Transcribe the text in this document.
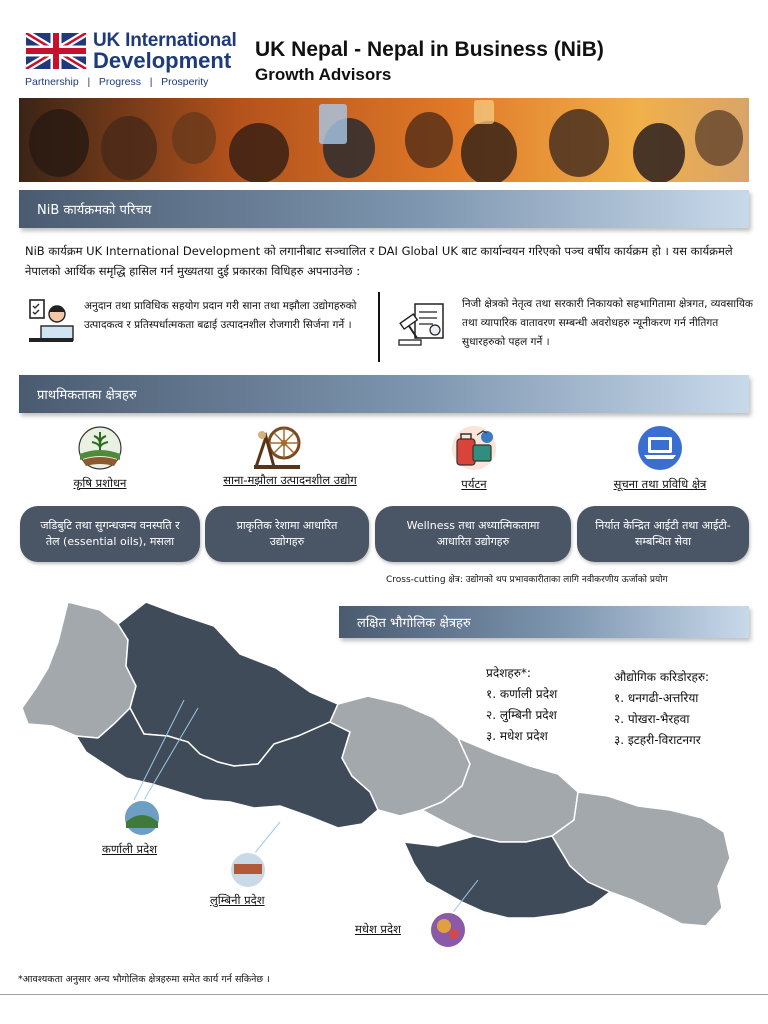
UK International
Development
Partnership   |   Progress   |   Prosperity
UK Nepal - Nepal in Business (NiB)
Growth Advisors
NiB कार्यक्रमको परिचय
NiB कार्यक्रम UK International Development को लगानीबाट सञ्चालित र DAI Global UK बाट कार्यान्वयन गरिएको पञ्च वर्षीय कार्यक्रम हो । यस कार्यक्रमले नेपालको आर्थिक समृद्धि हासिल गर्न मुख्यतया दुई प्रकारका विधिहरु अपनाउनेछ :
अनुदान तथा प्राविधिक सहयोग प्रदान गरी साना तथा मझौला उद्योगहरुको उत्पादकत्व र प्रतिस्पर्धात्मकता बढाई उत्पादनशील रोजगारी सिर्जना गर्ने ।
निजी क्षेत्रको नेतृत्व तथा सरकारी निकायको सहभागितामा क्षेत्रगत, व्यवसायिक तथा व्यापारिक वातावरण सम्बन्धी अवरोधहरु न्यूनीकरण गर्न नीतिगत सुधारहरुको पहल गर्ने ।
प्राथमिकताका क्षेत्रहरु
कृषि प्रशोधन	साना-मझौला उत्पादनशील उद्योग	पर्यटन	सूचना तथा प्रविधि क्षेत्र
जडिबुटि तथा सुगन्धजन्य वनस्पति र तेल (essential oils), मसला
प्राकृतिक रेशामा आधारित उद्योगहरु
Wellness तथा अध्यात्मिकतामा आधारित उद्योगहरु
निर्यात केन्द्रित आईटी तथा आईटी-सम्बन्धित सेवा
Cross-cutting क्षेत्र: उद्योगको थप प्रभावकारीताका लागि नवीकरणीय ऊर्जाको प्रयोग
लक्षित भौगोलिक क्षेत्रहरु
प्रदेशहरु*:
१. कर्णाली प्रदेश
२. लुम्बिनी प्रदेश
३. मधेश प्रदेश
औद्योगिक करिडोरहरु:
१. धनगढी-अत्तरिया
२. पोखरा-भैरहवा
३. इटहरी-विराटनगर
कर्णाली प्रदेश
लुम्बिनी प्रदेश
मधेश प्रदेश
*आवश्यकता अनुसार अन्य भौगोलिक क्षेत्रहरुमा समेत कार्य गर्न सकिनेछ ।
